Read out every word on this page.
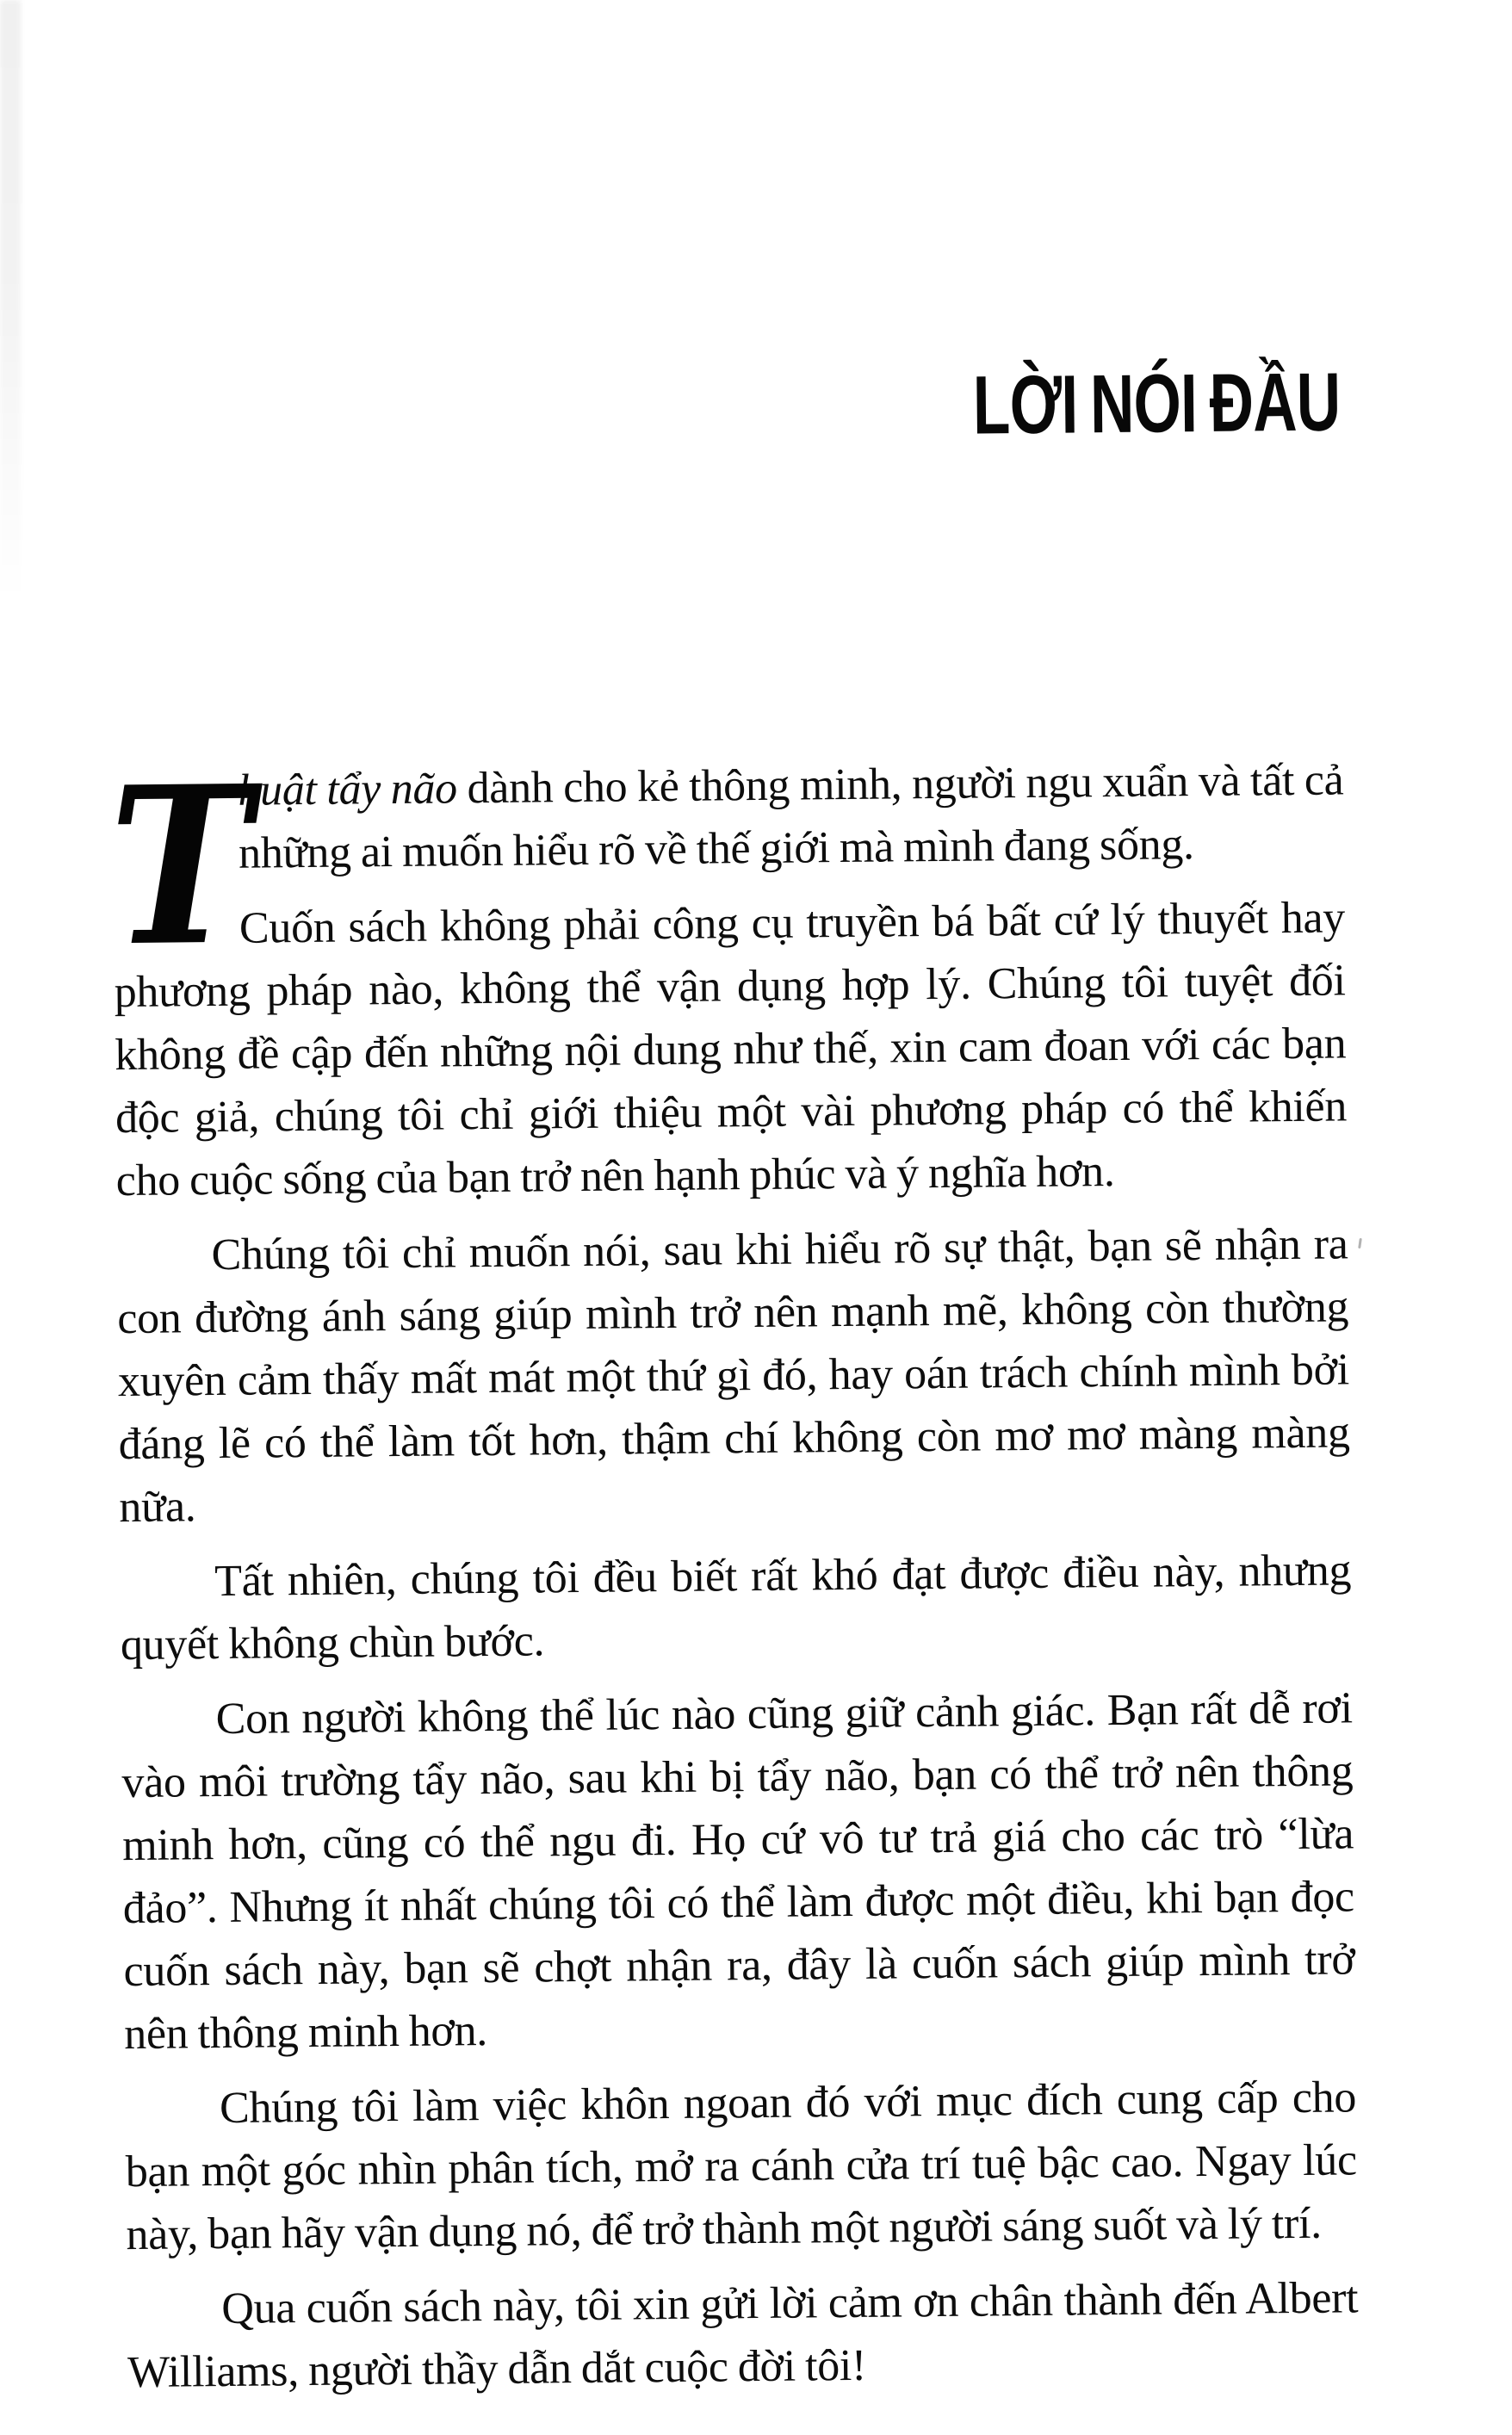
LỜI NÓI ĐẦU

T
huật tẩy não dành cho kẻ thông minh, người ngu xuẩn và tất cả những ai muốn hiểu rõ về thế giới mà mình đang sống.

Cuốn sách không phải công cụ truyền bá bất cứ lý thuyết hay phương pháp nào, không thể vận dụng hợp lý. Chúng tôi tuyệt đối không đề cập đến những nội dung như thế, xin cam đoan với các bạn độc giả, chúng tôi chỉ giới thiệu một vài phương pháp có thể khiến cho cuộc sống của bạn trở nên hạnh phúc và ý nghĩa hơn.

Chúng tôi chỉ muốn nói, sau khi hiểu rõ sự thật, bạn sẽ nhận ra con đường ánh sáng giúp mình trở nên mạnh mẽ, không còn thường xuyên cảm thấy mất mát một thứ gì đó, hay oán trách chính mình bởi đáng lẽ có thể làm tốt hơn, thậm chí không còn mơ mơ màng màng nữa.

Tất nhiên, chúng tôi đều biết rất khó đạt được điều này, nhưng quyết không chùn bước.

Con người không thể lúc nào cũng giữ cảnh giác. Bạn rất dễ rơi vào môi trường tẩy não, sau khi bị tẩy não, bạn có thể trở nên thông minh hơn, cũng có thể ngu đi. Họ cứ vô tư trả giá cho các trò “lừa đảo”. Nhưng ít nhất chúng tôi có thể làm được một điều, khi bạn đọc cuốn sách này, bạn sẽ chợt nhận ra, đây là cuốn sách giúp mình trở nên thông minh hơn.

Chúng tôi làm việc khôn ngoan đó với mục đích cung cấp cho bạn một góc nhìn phân tích, mở ra cánh cửa trí tuệ bậc cao. Ngay lúc này, bạn hãy vận dụng nó, để trở thành một người sáng suốt và lý trí.

Qua cuốn sách này, tôi xin gửi lời cảm ơn chân thành đến Albert Williams, người thầy dẫn dắt cuộc đời tôi!
